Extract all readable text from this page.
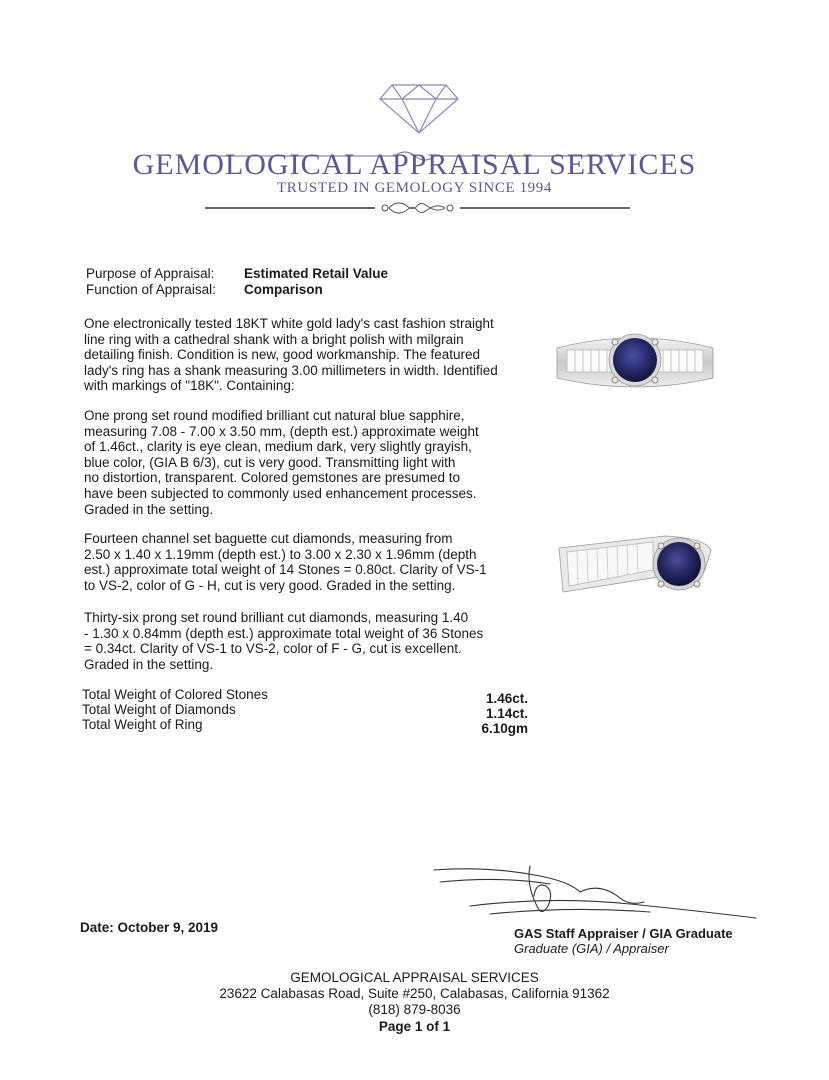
GEMOLOGICAL APPRAISAL SERVICES
TRUSTED IN GEMOLOGY SINCE 1994
Purpose of Appraisal: Estimated Retail Value
Function of Appraisal: Comparison
One electronically tested 18KT white gold lady's cast fashion straight
line ring with a cathedral shank with a bright polish with milgrain
detailing finish. Condition is new, good workmanship. The featured
lady's ring has a shank measuring 3.00 millimeters in width. Identified
with markings of "18K". Containing:
One prong set round modified brilliant cut natural blue sapphire,
measuring 7.08 - 7.00 x 3.50 mm, (depth est.) approximate weight
of 1.46ct., clarity is eye clean, medium dark, very slightly grayish,
blue color, (GIA B 6/3), cut is very good. Transmitting light with
no distortion, transparent. Colored gemstones are presumed to
have been subjected to commonly used enhancement processes.
Graded in the setting.
Fourteen channel set baguette cut diamonds, measuring from
2.50 x 1.40 x 1.19mm (depth est.) to 3.00 x 2.30 x 1.96mm (depth
est.) approximate total weight of 14 Stones = 0.80ct. Clarity of VS-1
to VS-2, color of G - H, cut is very good. Graded in the setting.
Thirty-six prong set round brilliant cut diamonds, measuring 1.40
- 1.30 x 0.84mm (depth est.) approximate total weight of 36 Stones
= 0.34ct. Clarity of VS-1 to VS-2, color of F - G, cut is excellent.
Graded in the setting.
Total Weight of Colored Stones	1.46ct.
Total Weight of Diamonds	1.14ct.
Total Weight of Ring	6.10gm
Date: October 9, 2019	GAS Staff Appraiser / GIA Graduate
Graduate (GIA) / Appraiser
GEMOLOGICAL APPRAISAL SERVICES
23622 Calabasas Road, Suite #250, Calabasas, California 91362
(818) 879-8036
Page 1 of 1
